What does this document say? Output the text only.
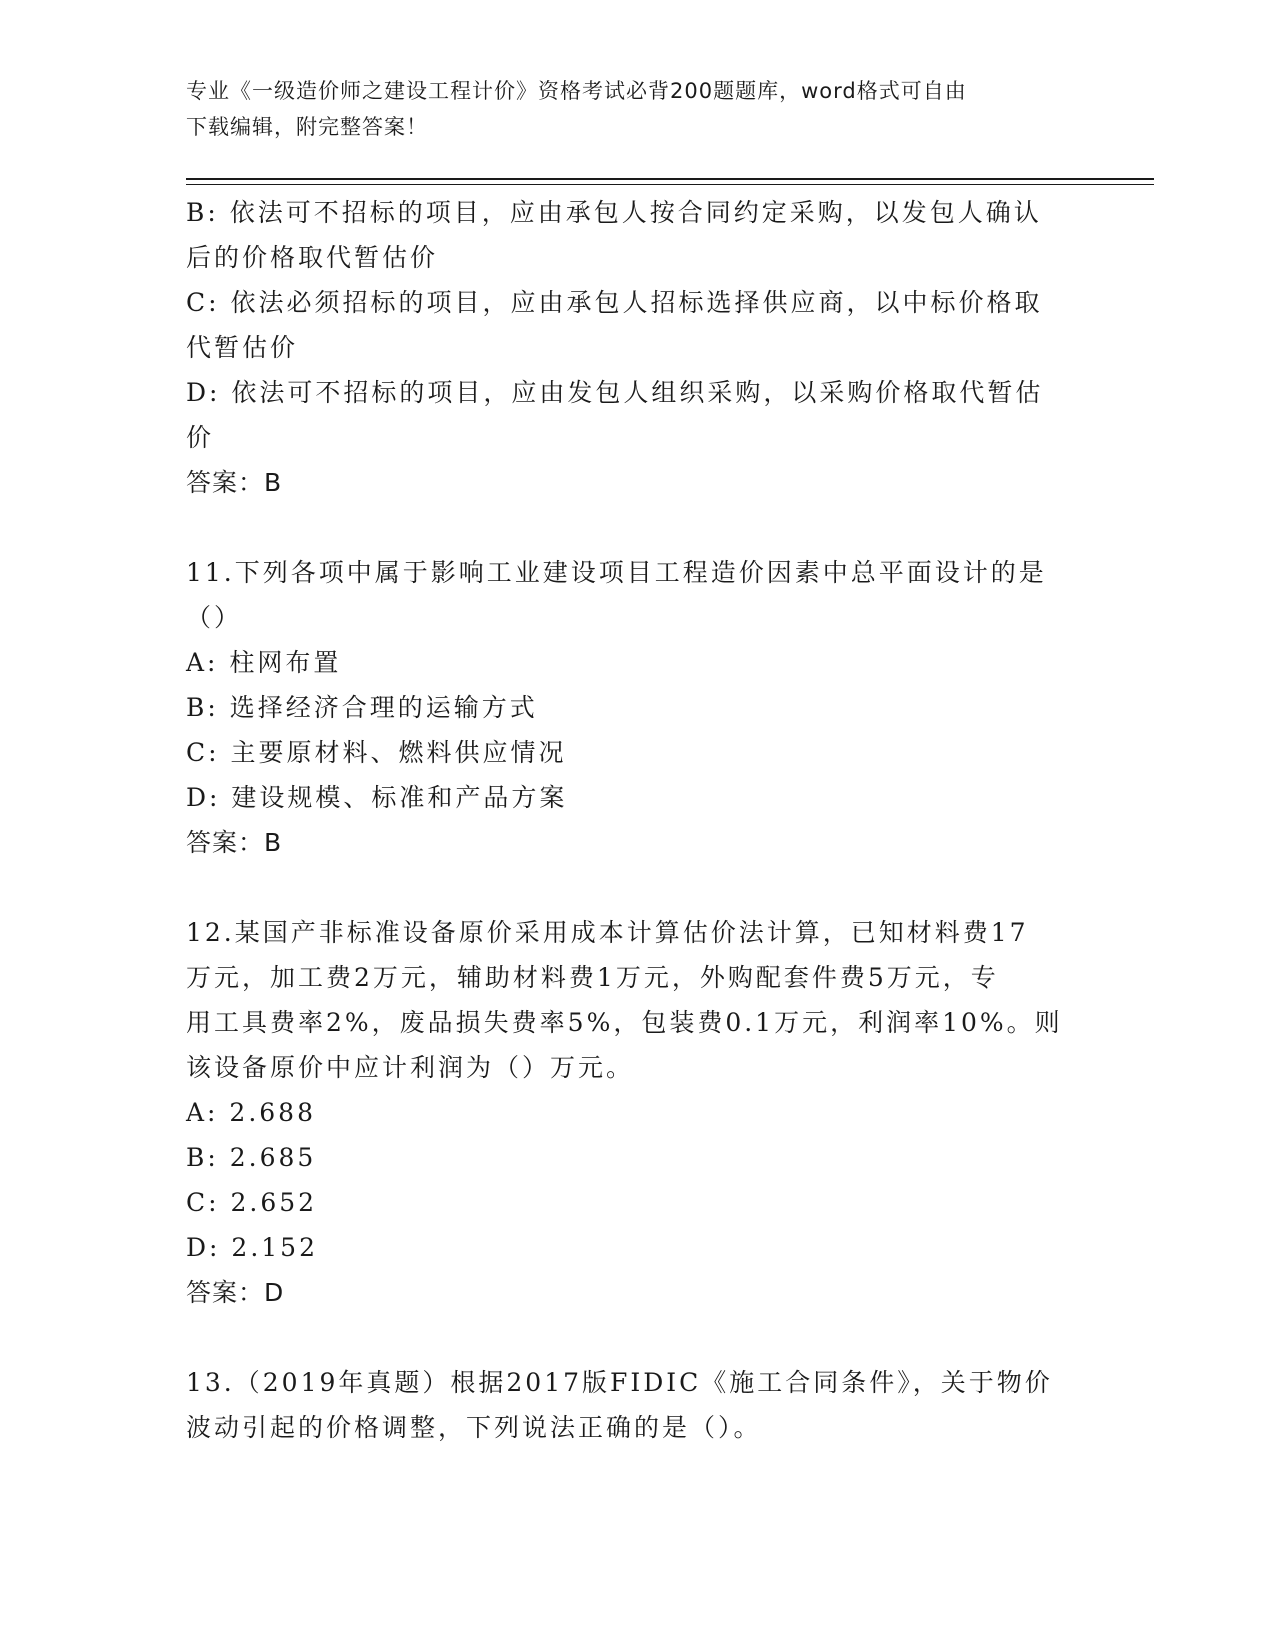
专业《一级造价师之建设工程计价》资格考试必背200题题库，word格式可自由
下载编辑，附完整答案！
B: 依法可不招标的项目，应由承包人按合同约定采购，以发包人确认
后的价格取代暂估价
C: 依法必须招标的项目，应由承包人招标选择供应商，以中标价格取
代暂估价
D: 依法可不招标的项目，应由发包人组织采购，以采购价格取代暂估
价
答案：B
11.下列各项中属于影响工业建设项目工程造价因素中总平面设计的是
（）
A: 柱网布置
B: 选择经济合理的运输方式
C: 主要原材料、燃料供应情况
D: 建设规模、标准和产品方案
答案：B
12.某国产非标准设备原价采用成本计算估价法计算，已知材料费17
万元，加工费2万元，辅助材料费1万元，外购配套件费5万元，专
用工具费率2%，废品损失费率5%，包装费0.1万元，利润率10%。则
该设备原价中应计利润为（）万元。
A: 2.688
B: 2.685
C: 2.652
D: 2.152
答案：D
13.（2019年真题）根据2017版FIDIC《施工合同条件》，关于物价
波动引起的价格调整，下列说法正确的是（）。
